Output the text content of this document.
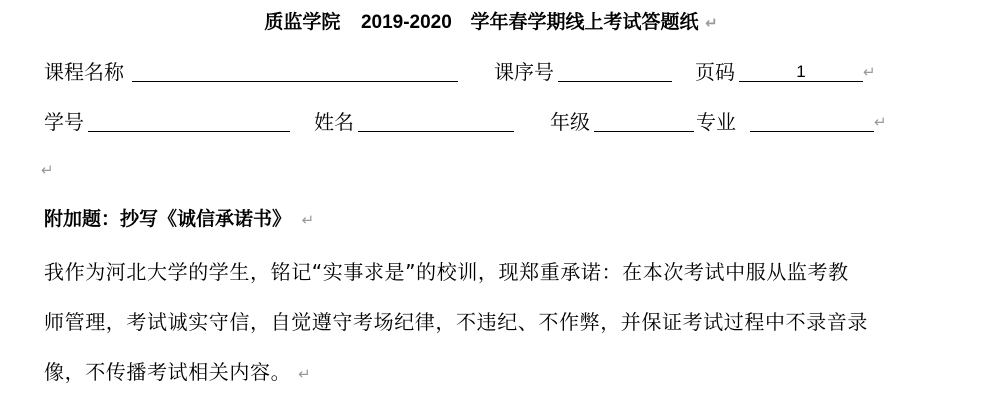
质监学院 2019-2020 学年春学期线上考试答题纸 ↵
课程名称	课序号	页码	1	↵
学号	姓名	年级	专业	↵
↵
附加题：抄写《诚信承诺书》 ↵
我作为河北大学的学生，铭记“实事求是”的校训，现郑重承诺：在本次考试中服从监考教
师管理，考试诚实守信，自觉遵守考场纪律，不违纪、不作弊，并保证考试过程中不录音录
像，不传播考试相关内容。 ↵
